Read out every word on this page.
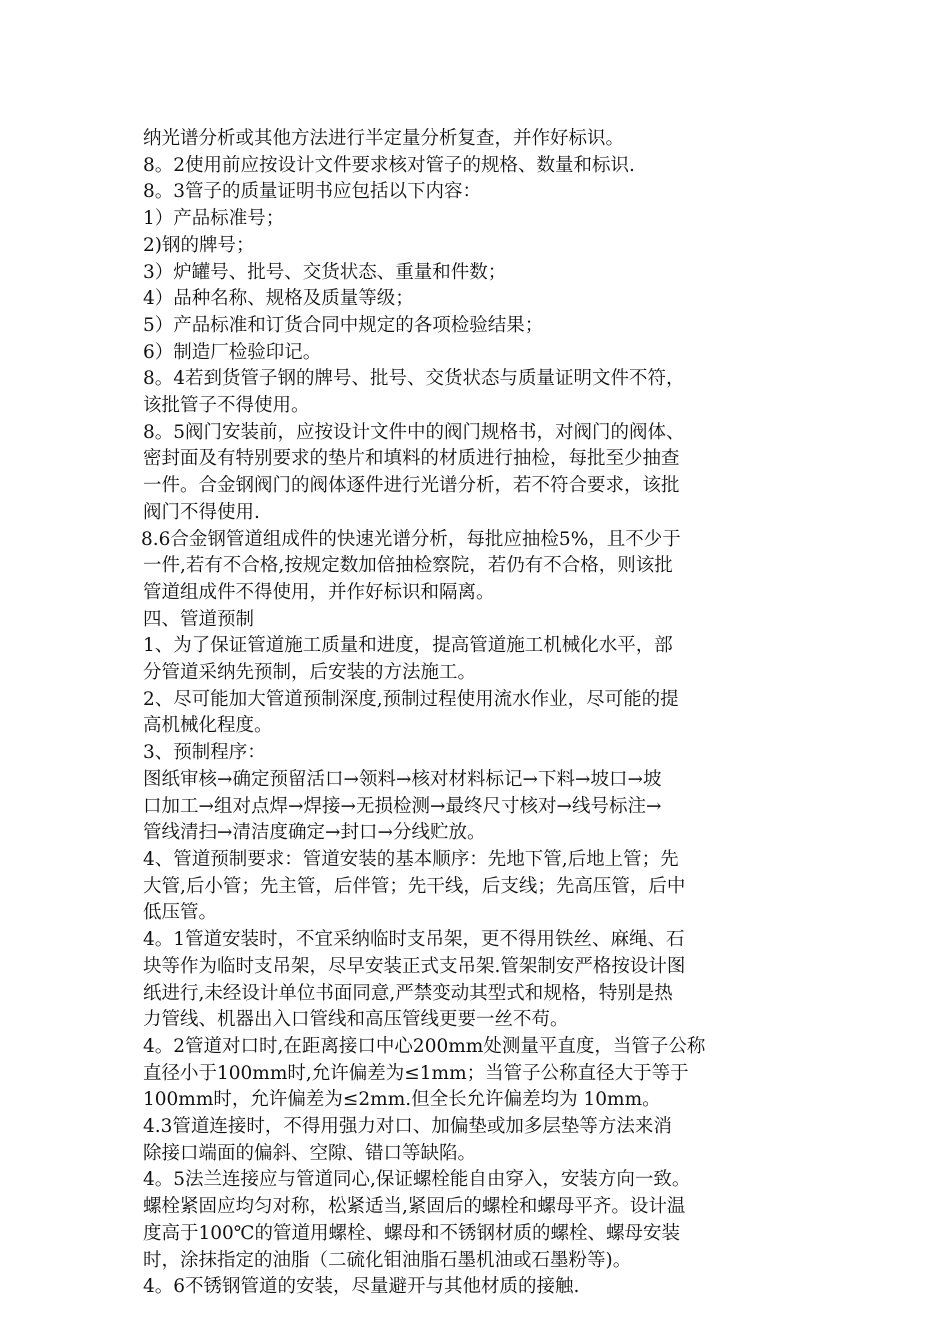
纳光谱分析或其他方法进行半定量分析复查，并作好标识。
8。2使用前应按设计文件要求核对管子的规格、数量和标识.
8。3管子的质量证明书应包括以下内容：
1）产品标准号；
2)钢的牌号；
3）炉罐号、批号、交货状态、重量和件数；
4）品种名称、规格及质量等级；
5）产品标准和订货合同中规定的各项检验结果；
6）制造厂检验印记。
8。4若到货管子钢的牌号、批号、交货状态与质量证明文件不符，
该批管子不得使用。
8。5阀门安装前，应按设计文件中的阀门规格书，对阀门的阀体、
密封面及有特别要求的垫片和填料的材质进行抽检，每批至少抽查
一件。合金钢阀门的阀体逐件进行光谱分析，若不符合要求，该批
阀门不得使用.
8.6合金钢管道组成件的快速光谱分析，每批应抽检5%，且不少于
一件,若有不合格,按规定数加倍抽检察院，若仍有不合格，则该批
管道组成件不得使用，并作好标识和隔离。
四、管道预制
1、为了保证管道施工质量和进度，提高管道施工机械化水平，部
分管道采纳先预制，后安装的方法施工。
2、尽可能加大管道预制深度,预制过程使用流水作业，尽可能的提
高机械化程度。
3、预制程序：
图纸审核→确定预留活口→领料→核对材料标记→下料→坡口→坡
口加工→组对点焊→焊接→无损检测→最终尺寸核对→线号标注→
管线清扫→清洁度确定→封口→分线贮放。
4、管道预制要求：管道安装的基本顺序：先地下管,后地上管；先
大管,后小管；先主管，后伴管；先干线，后支线；先高压管，后中
低压管。
4。1管道安装时，不宜采纳临时支吊架，更不得用铁丝、麻绳、石
块等作为临时支吊架，尽早安装正式支吊架.管架制安严格按设计图
纸进行,未经设计单位书面同意,严禁变动其型式和规格，特别是热
力管线、机器出入口管线和高压管线更要一丝不苟。
4。2管道对口时,在距离接口中心200mm处测量平直度，当管子公称
直径小于100mm时,允许偏差为≤1mm；当管子公称直径大于等于
100mm时，允许偏差为≤2mm.但全长允许偏差均为 10mm。
4.3管道连接时，不得用强力对口、加偏垫或加多层垫等方法来消
除接口端面的偏斜、空隙、错口等缺陷。
4。5法兰连接应与管道同心,保证螺栓能自由穿入，安装方向一致。
螺栓紧固应均匀对称，松紧适当,紧固后的螺栓和螺母平齐。设计温
度高于100℃的管道用螺栓、螺母和不锈钢材质的螺栓、螺母安装
时，涂抹指定的油脂（二硫化钼油脂石墨机油或石墨粉等)。
4。6不锈钢管道的安装，尽量避开与其他材质的接触.
